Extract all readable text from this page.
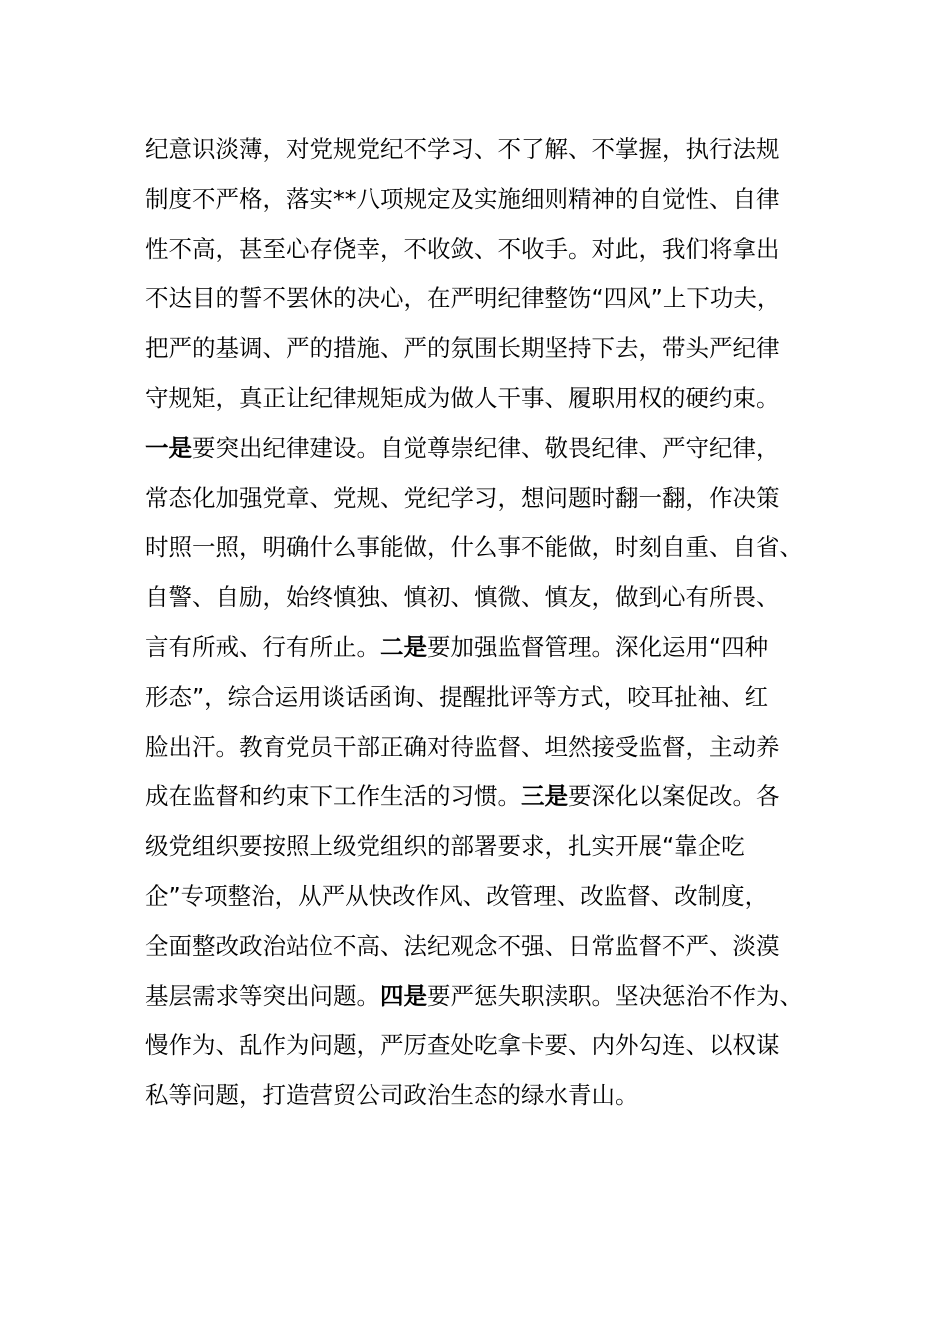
纪意识淡薄，对党规党纪不学习、不了解、不掌握，执行法规
制度不严格，落实**八项规定及实施细则精神的自觉性、自律
性不高，甚至心存侥幸，不收敛、不收手。对此，我们将拿出
不达目的誓不罢休的决心，在严明纪律整饬“四风”上下功夫，
把严的基调、严的措施、严的氛围长期坚持下去，带头严纪律
守规矩，真正让纪律规矩成为做人干事、履职用权的硬约束。
一是要突出纪律建设。自觉尊崇纪律、敬畏纪律、严守纪律，
常态化加强党章、党规、党纪学习，想问题时翻一翻，作决策
时照一照，明确什么事能做，什么事不能做，时刻自重、自省、
自警、自励，始终慎独、慎初、慎微、慎友，做到心有所畏、
言有所戒、行有所止。二是要加强监督管理。深化运用“四种
形态”，综合运用谈话函询、提醒批评等方式，咬耳扯袖、红
脸出汗。教育党员干部正确对待监督、坦然接受监督，主动养
成在监督和约束下工作生活的习惯。三是要深化以案促改。各
级党组织要按照上级党组织的部署要求，扎实开展“靠企吃
企”专项整治，从严从快改作风、改管理、改监督、改制度，
全面整改政治站位不高、法纪观念不强、日常监督不严、淡漠
基层需求等突出问题。四是要严惩失职渎职。坚决惩治不作为、
慢作为、乱作为问题，严厉查处吃拿卡要、内外勾连、以权谋
私等问题，打造营贸公司政治生态的绿水青山。
